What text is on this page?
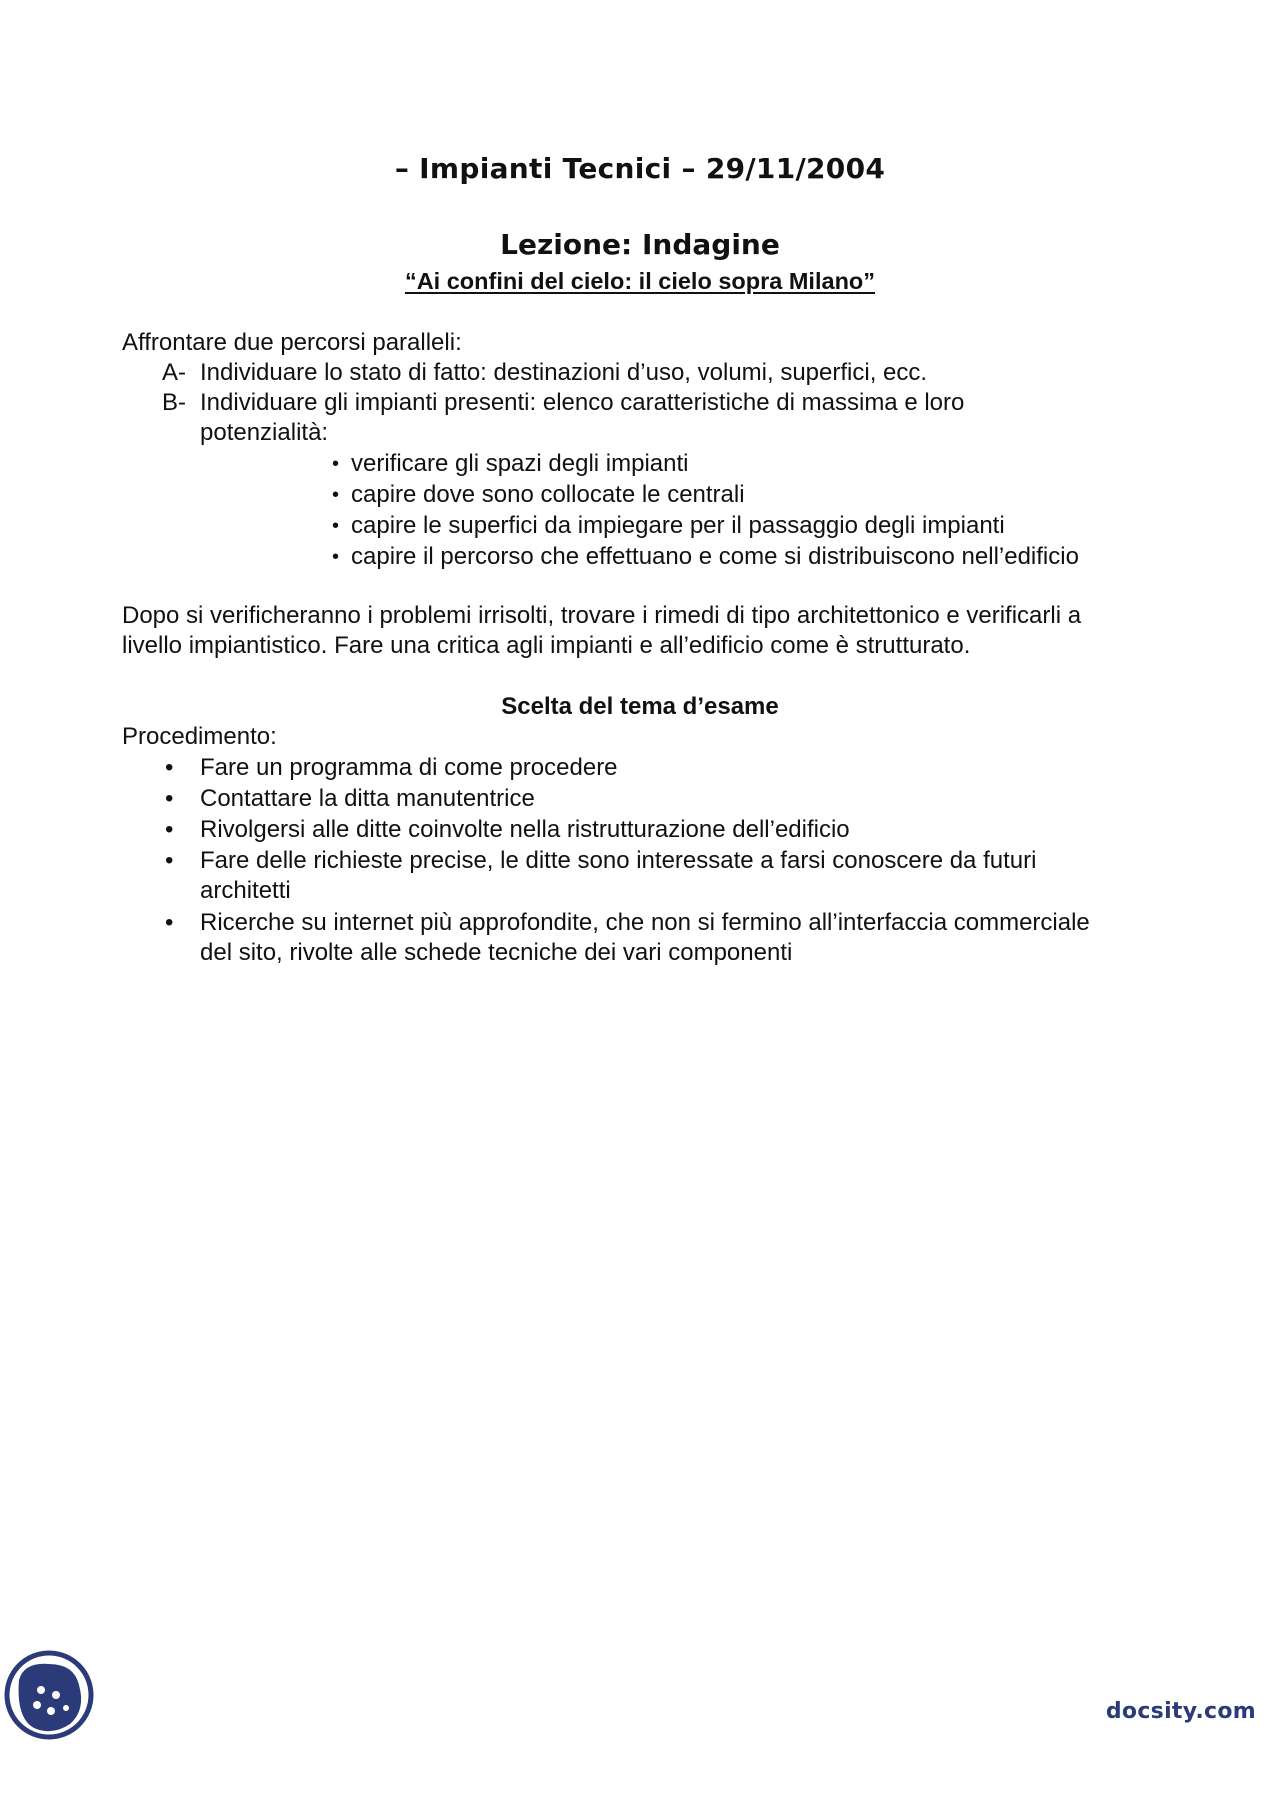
– Impianti Tecnici – 29/11/2004
Lezione: Indagine
“Ai confini del cielo: il cielo sopra Milano”
Affrontare due percorsi paralleli:
A- Individuare lo stato di fatto: destinazioni d’uso, volumi, superfici, ecc.
B- Individuare gli impianti presenti: elenco caratteristiche di massima e loro
potenzialità:
• verificare gli spazi degli impianti
• capire dove sono collocate le centrali
• capire le superfici da impiegare per il passaggio degli impianti
• capire il percorso che effettuano e come si distribuiscono nell’edificio
Dopo si verificheranno i problemi irrisolti, trovare i rimedi di tipo architettonico e verificarli a
livello impiantistico. Fare una critica agli impianti e all’edificio come è strutturato.
Scelta del tema d’esame
Procedimento:
• Fare un programma di come procedere
• Contattare la ditta manutentrice
• Rivolgersi alle ditte coinvolte nella ristrutturazione dell’edificio
• Fare delle richieste precise, le ditte sono interessate a farsi conoscere da futuri
architetti
• Ricerche su internet più approfondite, che non si fermino all’interfaccia commerciale
del sito, rivolte alle schede tecniche dei vari componenti
docsity.com
